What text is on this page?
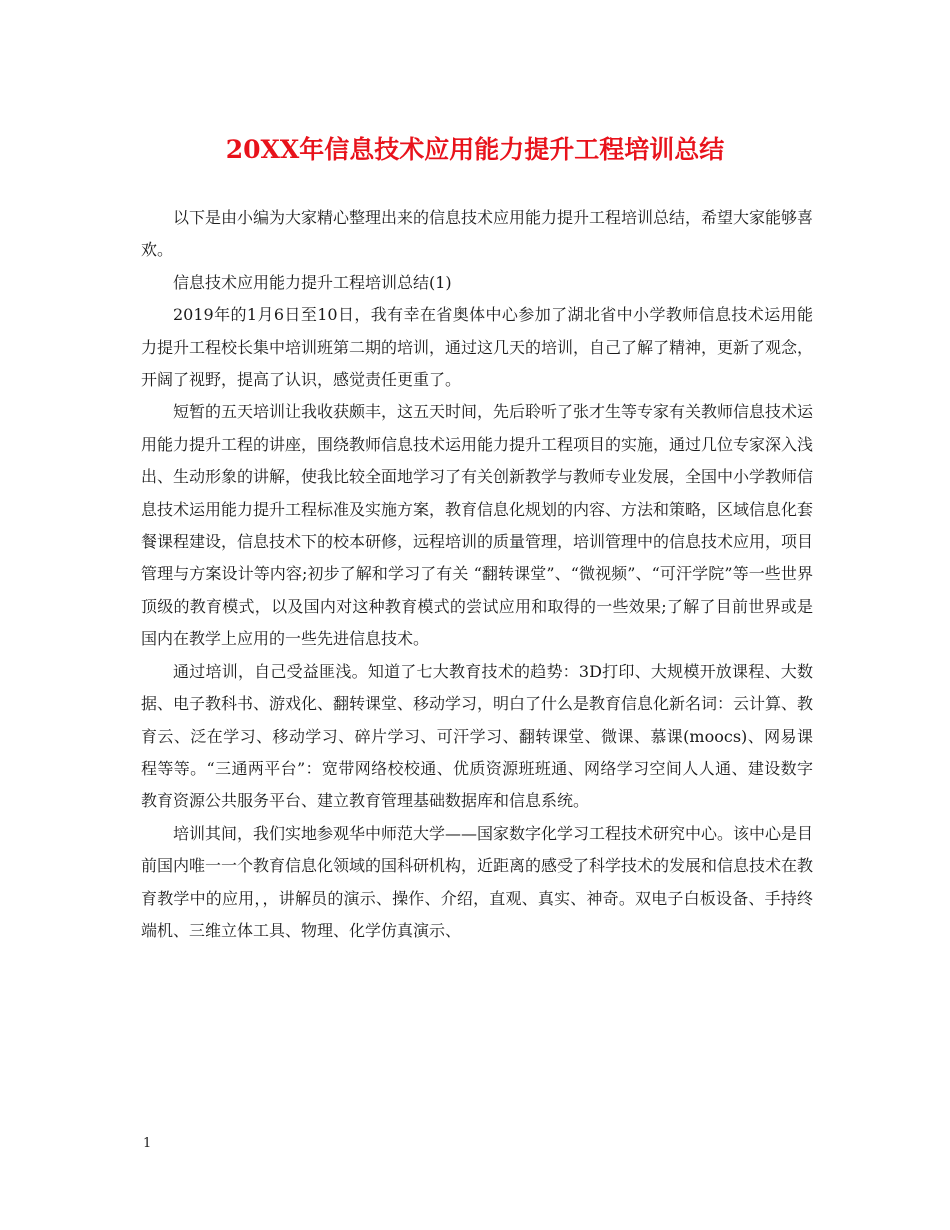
20XX年信息技术应用能力提升工程培训总结

以下是由小编为大家精心整理出来的信息技术应用能力提升工程培训总结，希望大家能够喜欢。

信息技术应用能力提升工程培训总结(1)

2019年的1月6日至10日，我有幸在省奥体中心参加了湖北省中小学教师信息技术运用能力提升工程校长集中培训班第二期的培训，通过这几天的培训，自己了解了精神，更新了观念，开阔了视野，提高了认识，感觉责任更重了。

短暂的五天培训让我收获颇丰，这五天时间，先后聆听了张才生等专家有关教师信息技术运用能力提升工程的讲座，围绕教师信息技术运用能力提升工程项目的实施，通过几位专家深入浅出、生动形象的讲解，使我比较全面地学习了有关创新教学与教师专业发展，全国中小学教师信息技术运用能力提升工程标准及实施方案，教育信息化规划的内容、方法和策略，区域信息化套餐课程建设，信息技术下的校本研修，远程培训的质量管理，培训管理中的信息技术应用，项目管理与方案设计等内容;初步了解和学习了有关 “翻转课堂”、“微视频”、“可汗学院”等一些世界顶级的教育模式，以及国内对这种教育模式的尝试应用和取得的一些效果;了解了目前世界或是国内在教学上应用的一些先进信息技术。

通过培训，自己受益匪浅。知道了七大教育技术的趋势：3D打印、大规模开放课程、大数据、电子教科书、游戏化、翻转课堂、移动学习，明白了什么是教育信息化新名词：云计算、教育云、泛在学习、移动学习、碎片学习、可汗学习、翻转课堂、微课、慕课(moocs)、网易课程等等。“三通两平台”：宽带网络校校通、优质资源班班通、网络学习空间人人通、建设数字教育资源公共服务平台、建立教育管理基础数据库和信息系统。

培训其间，我们实地参观华中师范大学——国家数字化学习工程技术研究中心。该中心是目前国内唯一一个教育信息化领域的国科研机构，近距离的感受了科学技术的发展和信息技术在教育教学中的应用，，讲解员的演示、操作、介绍，直观、真实、神奇。双电子白板设备、手持终端机、三维立体工具、物理、化学仿真演示、

1
